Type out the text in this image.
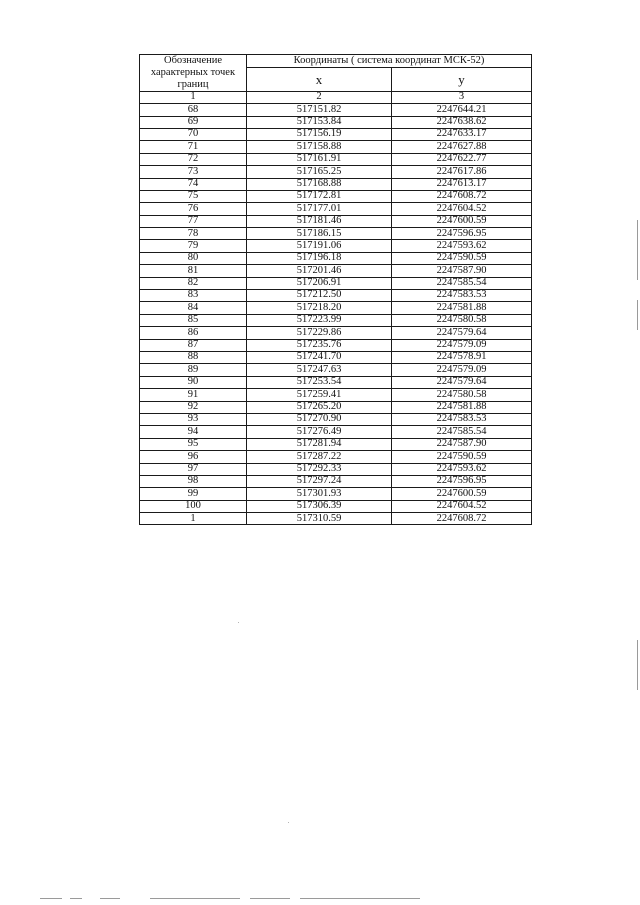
Обозначение характерных точек границ	Координаты ( система координат МСК-52)	
	х	у
1	2	3
68	517151.82	2247644.21
69	517153.84	2247638.62
70	517156.19	2247633.17
71	517158.88	2247627.88
72	517161.91	2247622.77
73	517165.25	2247617.86
74	517168.88	2247613.17
75	517172.81	2247608.72
76	517177.01	2247604.52
77	517181.46	2247600.59
78	517186.15	2247596.95
79	517191.06	2247593.62
80	517196.18	2247590.59
81	517201.46	2247587.90
82	517206.91	2247585.54
83	517212.50	2247583.53
84	517218.20	2247581.88
85	517223.99	2247580.58
86	517229.86	2247579.64
87	517235.76	2247579.09
88	517241.70	2247578.91
89	517247.63	2247579.09
90	517253.54	2247579.64
91	517259.41	2247580.58
92	517265.20	2247581.88
93	517270.90	2247583.53
94	517276.49	2247585.54
95	517281.94	2247587.90
96	517287.22	2247590.59
97	517292.33	2247593.62
98	517297.24	2247596.95
99	517301.93	2247600.59
100	517306.39	2247604.52
1	517310.59	2247608.72
